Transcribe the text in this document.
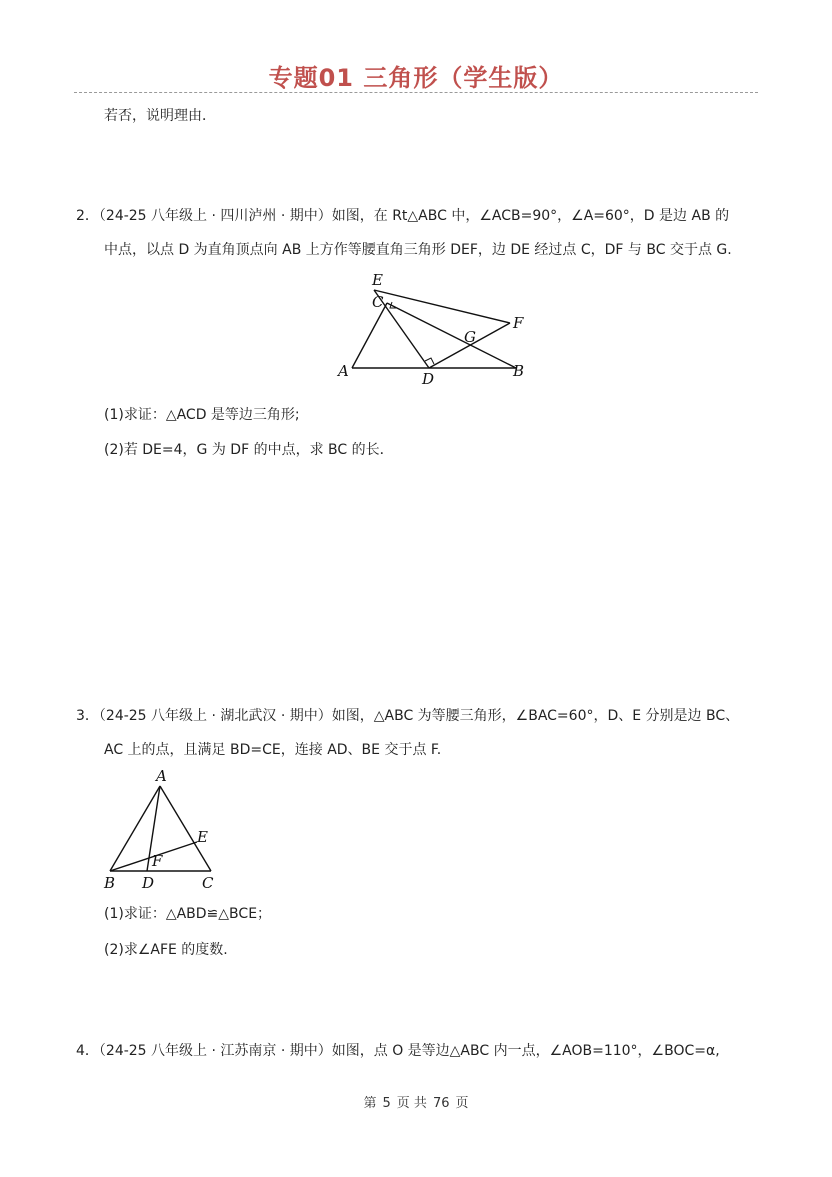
专题01 三角形（学生版）
若否，说明理由．
2．（24-25 八年级上 · 四川泸州 · 期中）如图，在 Rt△ABC 中，∠ACB=90°，∠A=60°，D 是边 AB 的
中点，以点 D 为直角顶点向 AB 上方作等腰直角三角形 DEF，边 DE 经过点 C，DF 与 BC 交于点 G.
E
C
F
G
A	D	B
(1)求证：△ACD 是等边三角形;
(2)若 DE=4，G 为 DF 的中点，求 BC 的长．
3．（24-25 八年级上 · 湖北武汉 · 期中）如图，△ABC 为等腰三角形，∠BAC=60°，D、E 分别是边 BC、
AC 上的点，且满足 BD=CE，连接 AD、BE 交于点 F.
A
E
F
B D	C
(1)求证：△ABD≌△BCE；
(2)求∠AFE 的度数.
4．（24-25 八年级上 · 江苏南京 · 期中）如图，点 O 是等边△ABC 内一点，∠AOB=110°，∠BOC=α,
第 5 页 共 76 页
